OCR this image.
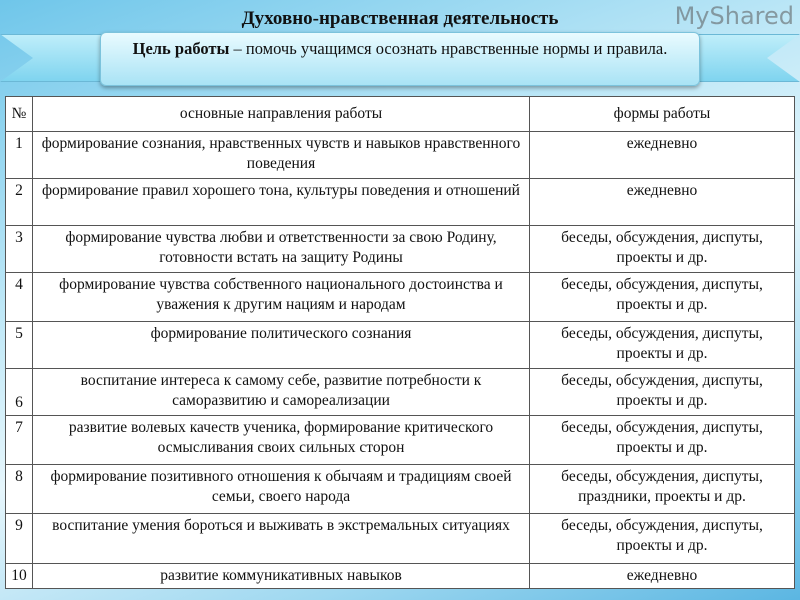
Духовно-нравственная деятельность
Цель работы – помочь учащимся осознать нравственные нормы и правила.
№	основные направления работы	формы работы
1	формирование сознания, нравственных чувств и навыков нравственного поведения	ежедневно
2	формирование правил хорошего тона, культуры поведения и отношений	ежедневно
3	формирование чувства любви и ответственности за свою Родину, готовности встать на защиту Родины	беседы, обсуждения, диспуты, проекты и др.
4	формирование чувства собственного национального достоинства и уважения к другим нациям и народам	беседы, обсуждения, диспуты, проекты и др.
5	формирование политического сознания	беседы, обсуждения, диспуты, проекты и др.
6	воспитание интереса к самому себе, развитие потребности к саморазвитию и самореализации	беседы, обсуждения, диспуты, проекты и др.
7	развитие волевых качеств ученика, формирование критического осмысливания своих сильных сторон	беседы, обсуждения, диспуты, проекты и др.
8	формирование позитивного отношения к обычаям и традициям своей семьи, своего народа	беседы, обсуждения, диспуты, праздники, проекты и др.
9	воспитание умения бороться и выживать в экстремальных ситуациях	беседы, обсуждения, диспуты, проекты и др.
10	развитие коммуникативных навыков	ежедневно
MyShared
